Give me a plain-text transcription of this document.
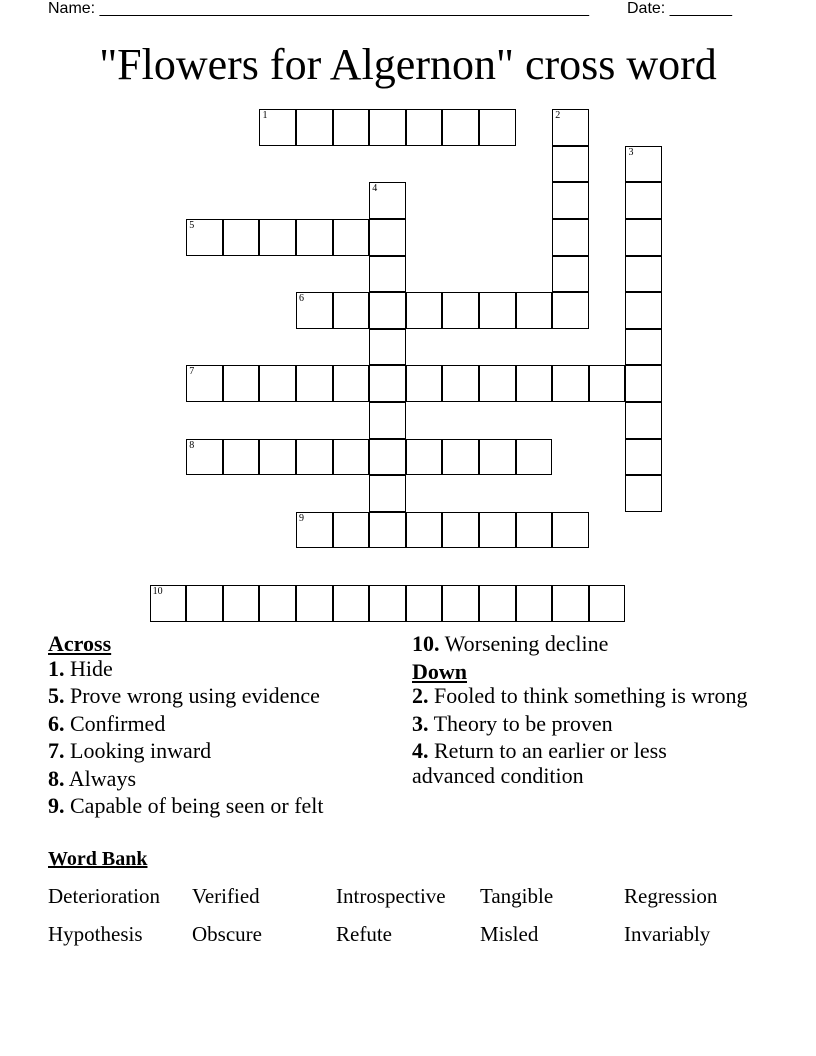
Name: _______________________________________________________ Date: _______
"Flowers for Algernon" cross word
1	2
3
4
5
6
7
8
9
10
Across
1. Hide
5. Prove wrong using evidence
6. Confirmed
7. Looking inward
8. Always
9. Capable of being seen or felt
10. Worsening decline
Down
2. Fooled to think something is wrong
3. Theory to be proven
4. Return to an earlier or less advanced condition
Word Bank
Deterioration Verified	Introspective Tangible	Regression
Hypothesis Obscure	Refute	Misled	Invariably
